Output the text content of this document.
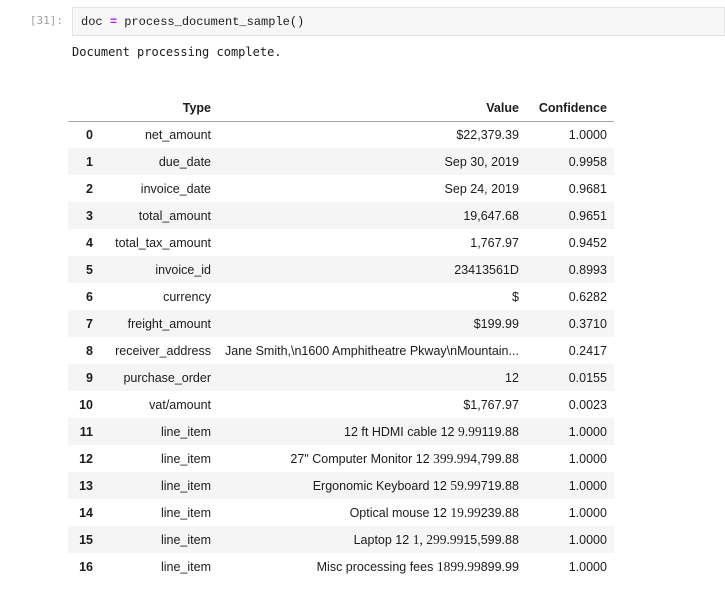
[31]:	doc = process_document_sample()
Document processing complete.
	Type	Value	Confidence
0	net_amount	$22,379.39	1.0000
1	due_date	Sep 30, 2019	0.9958
2	invoice_date	Sep 24, 2019	0.9681
3	total_amount	19,647.68	0.9651
4	total_tax_amount	1,767.97	0.9452
5	invoice_id	23413561D	0.8993
6	currency	$	0.6282
7	freight_amount	$199.99	0.3710
8	receiver_address	Jane Smith,\n1600 Amphitheatre Pkway\nMountain...	0.2417
9	purchase_order	12	0.0155
10	vat/amount	$1,767.97	0.0023
11	line_item	12 ft HDMI cable 12 9.99119.88	1.0000
12	line_item	27" Computer Monitor 12 399.994,799.88	1.0000
13	line_item	Ergonomic Keyboard 12 59.99719.88	1.0000
14	line_item	Optical mouse 12 19.99239.88	1.0000
15	line_item	Laptop 12 1, 299.9915,599.88	1.0000
16	line_item	Misc processing fees 1899.99899.99	1.0000
